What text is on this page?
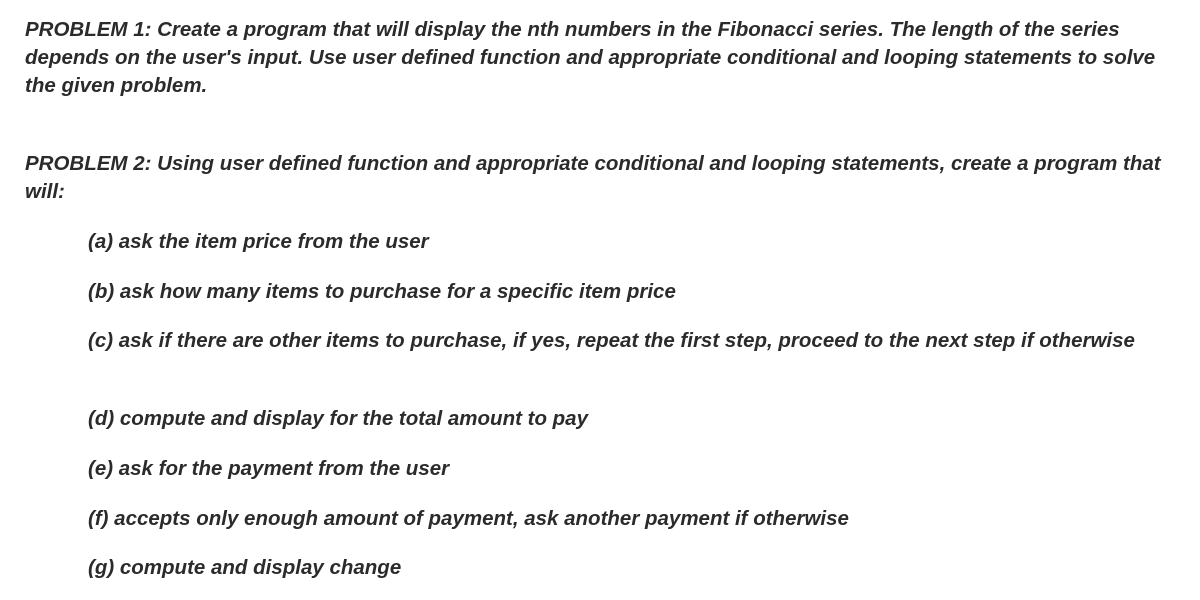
PROBLEM 1: Create a program that will display the nth numbers in the Fibonacci series. The length of the series depends on the user's input. Use user defined function and appropriate conditional and looping statements to solve the given problem.

PROBLEM 2: Using user defined function and appropriate conditional and looping statements, create a program that will:

(a) ask the item price from the user

(b) ask how many items to purchase for a specific item price

(c) ask if there are other items to purchase, if yes, repeat the first step, proceed to the next step if otherwise

(d) compute and display for the total amount to pay

(e) ask for the payment from the user

(f) accepts only enough amount of payment, ask another payment if otherwise

(g) compute and display change
